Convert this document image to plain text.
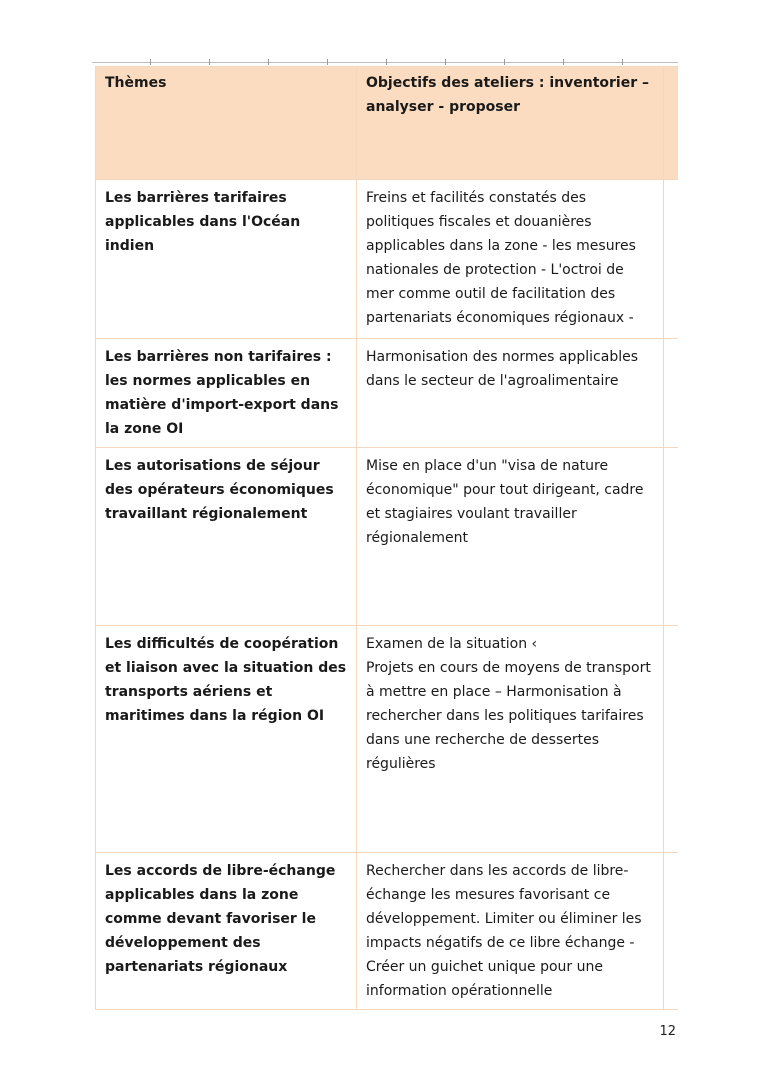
Thèmes	Objectifs des ateliers : inventorier – analyser - proposer	
Les barrières tarifaires applicables dans l'Océan indien	Freins et facilités constatés des politiques fiscales et douanières applicables dans la zone - les mesures nationales de protection - L'octroi de mer comme outil de facilitation des partenariats économiques régionaux -	
Les barrières non tarifaires : les normes applicables en matière d'import-export dans la zone OI	Harmonisation des normes applicables dans le secteur de l'agroalimentaire	
Les autorisations de séjour des opérateurs économiques travaillant régionalement	Mise en place d'un "visa de nature économique" pour tout dirigeant, cadre et stagiaires voulant travailler régionalement	
Les difficultés de coopération et liaison avec la situation des transports aériens et maritimes dans la région OI	Examen de la situation ‹
Projets en cours de moyens de transport à mettre en place – Harmonisation à rechercher dans les politiques tarifaires dans une recherche de dessertes régulières	

Les accords de libre-échange applicables dans la zone comme devant favoriser le développement des partenariats régionaux	Rechercher dans les accords de libre-échange les mesures favorisant ce développement. Limiter ou éliminer les impacts négatifs de ce libre échange - Créer un guichet unique pour une information opérationnelle	
12
